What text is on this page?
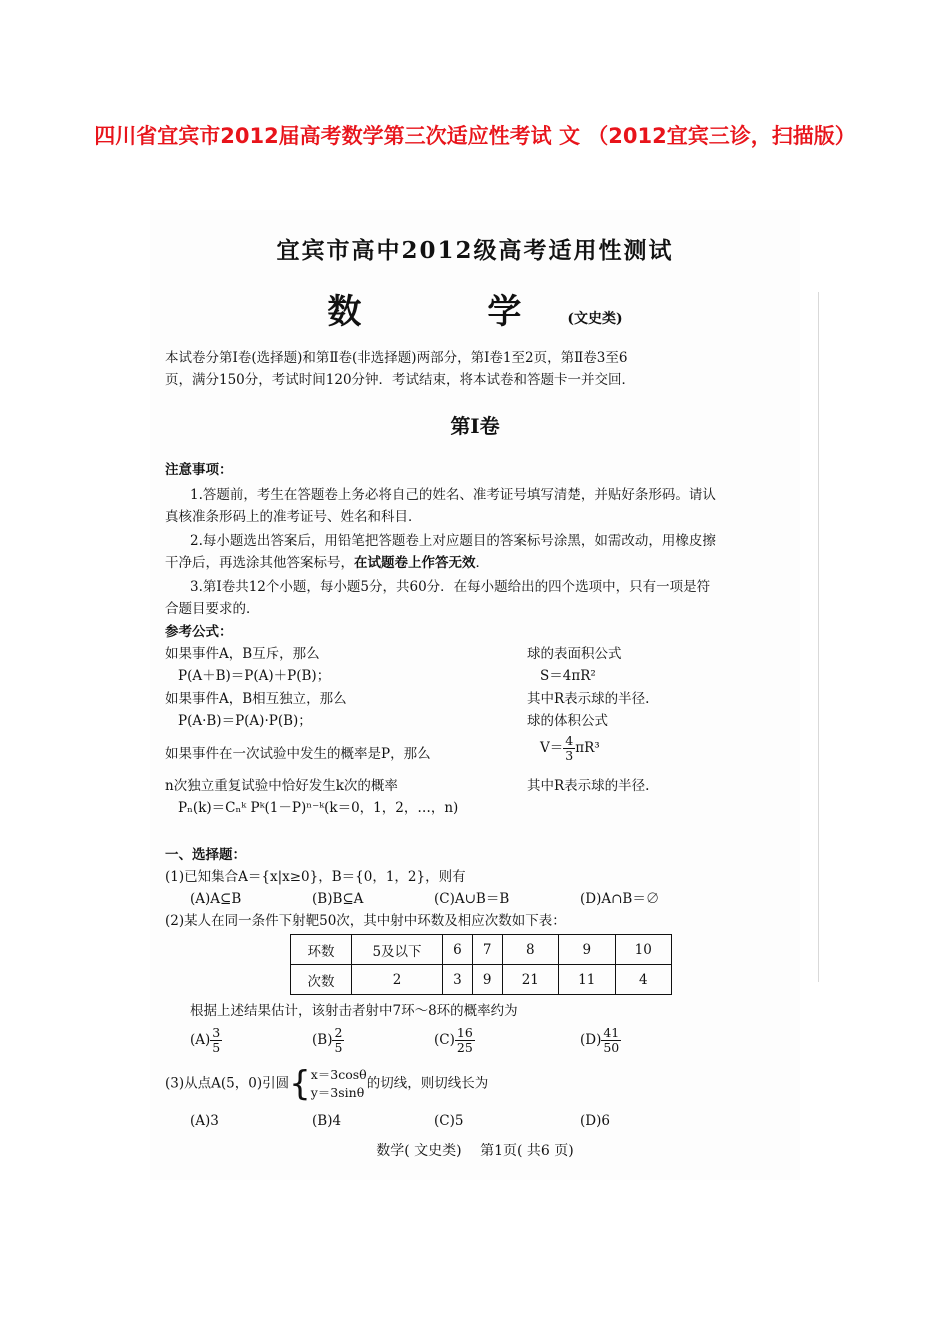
四川省宜宾市2012届高考数学第三次适应性考试 文 （2012宜宾三诊，扫描版）
宜宾市高中2012级高考适用性测试
数　学(文史类)
本试卷分第Ⅰ卷(选择题)和第Ⅱ卷(非选择题)两部分，第Ⅰ卷1至2页，第Ⅱ卷3至6
页，满分150分，考试时间120分钟．考试结束，将本试卷和答题卡一并交回．
第Ⅰ卷
注意事项：
1.答题前，考生在答题卷上务必将自己的姓名、准考证号填写清楚，并贴好条形码。请认
真核准条形码上的准考证号、姓名和科目．
2.每小题选出答案后，用铅笔把答题卷上对应题目的答案标号涂黑，如需改动，用橡皮擦
干净后，再选涂其他答案标号，在试题卷上作答无效．
3.第Ⅰ卷共12个小题，每小题5分，共60分．在每小题给出的四个选项中，只有一项是符
合题目要求的．
参考公式：
如果事件A，B互斥，那么
P(A＋B)＝P(A)＋P(B)；
如果事件A，B相互独立，那么
P(A·B)＝P(A)·P(B)；
如果事件在一次试验中发生的概率是P，那么
n次独立重复试验中恰好发生k次的概率
Pₙ(k)＝Cₙᵏ Pᵏ(1－P)ⁿ⁻ᵏ(k＝0，1，2，…，n)
球的表面积公式
S＝4πR²
其中R表示球的半径.
球的体积公式
$V= \frac{4}{3} \pi R^3$
其中R表示球的半径.
一、选择题：
(1)已知集合A＝{x|x≥0}，B＝{0，1，2}，则有
(A)A⊆B	(B)B⊆A	(C)A∪B＝B	(D)A∩B＝∅
(2)某人在同一条件下射靶50次，其中射中环数及相应次数如下表：
环数	5及以下	6	7	8	9	10
次数	2	3	9	21	11	4
根据上述结果估计，该射击者射中7环～8环的概率约为
$(A) \frac{3}{5}$	$(B) \frac{2}{5}$	$(C) \frac{16}{25}$	$(D) \frac{41}{50}$
(3)从点A(5，0)引圆{ x＝3cosθ
y＝3sinθ
的切线，则切线长为
(A)3	(B)4	(C)5	(D)6
数学( 文史类)　 第1页( 共6 页)
